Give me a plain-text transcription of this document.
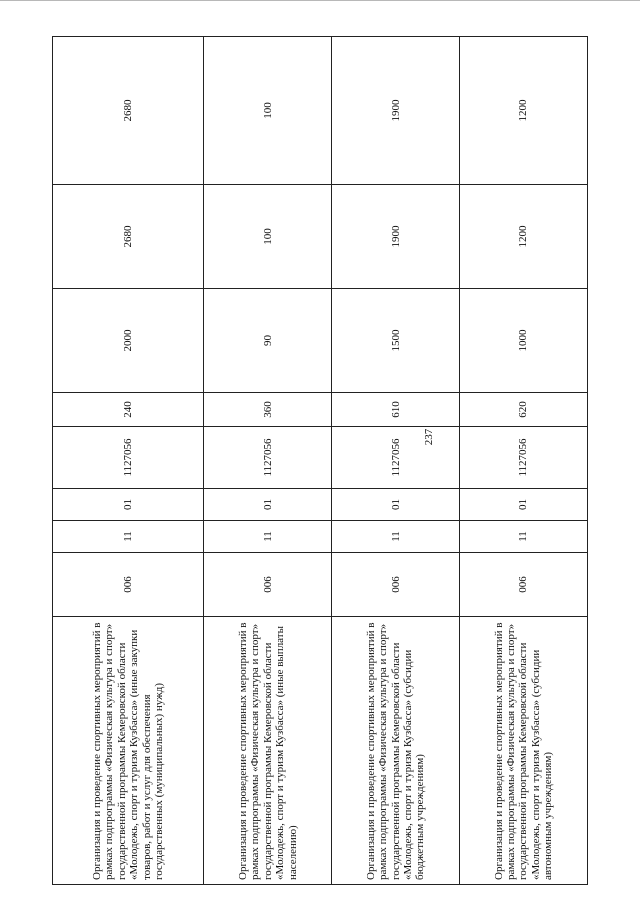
237
Организация и проведение спортивных мероприятий в рамках подпрограммы «Физическая культура и спорт» государственной программы Кемеровской области «Молодежь, спорт и туризм Кузбасса» (иные закупки товаров, работ и услуг для обеспечения государственных (муниципальных) нужд)	006	11	01	1127056	240	2000	2680	2680
Организация и проведение спортивных мероприятий в рамках подпрограммы «Физическая культура и спорт» государственной программы Кемеровской области «Молодежь, спорт и туризм Кузбасса» (иные выплаты населению)	006	11	01	1127056	360	90	100	100
Организация и проведение спортивных мероприятий в рамках подпрограммы «Физическая культура и спорт» государственной программы Кемеровской области «Молодежь, спорт и туризм Кузбасса» (субсидии бюджетным учреждениям)	006	11	01	1127056	610	1500	1900	1900
Организация и проведение спортивных мероприятий в рамках подпрограммы «Физическая культура и спорт» государственной программы Кемеровской области «Молодежь, спорт и туризм Кузбасса» (субсидии автономным учреждениям)	006	11	01	1127056	620	1000	1200	1200
